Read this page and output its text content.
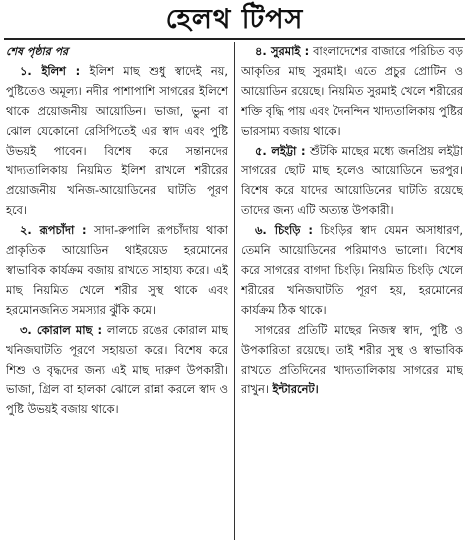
হেলথ টিপস

শেষ পৃষ্ঠার পর

১. ইলিশ : ইলিশ মাছ শুধু স্বাদেই নয়, পুষ্টিতেও অমূল্য। নদীর পাশাপাশি সাগরের ইলিশে থাকে প্রয়োজনীয় আয়োডিন। ভাজা, ভুনা বা ঝোল যেকোনো রেসিপিতেই এর স্বাদ এবং পুষ্টি উভয়ই পাবেন। বিশেষ করে সন্তানদের খাদ্যতালিকায় নিয়মিত ইলিশ রাখলে শরীরের প্রয়োজনীয় খনিজ-আয়োডিনের ঘাটতি পূরণ হবে।

২. রূপচাঁদা : সাদা-রুপালি রূপচাঁদায় থাকা প্রাকৃতিক আয়োডিন থাইরয়েড হরমোনের স্বাভাবিক কার্যক্রম বজায় রাখতে সাহায্য করে। এই মাছ নিয়মিত খেলে শরীর সুস্থ থাকে এবং হরমোনজনিত সমস্যার ঝুঁকি কমে।

৩. কোরাল মাছ : লালচে রঙের কোরাল মাছ খনিজঘাটতি পূরণে সহায়তা করে। বিশেষ করে শিশু ও বৃদ্ধদের জন্য এই মাছ দারুণ উপকারী। ভাজা, গ্রিল বা হালকা ঝোলে রান্না করলে স্বাদ ও পুষ্টি উভয়ই বজায় থাকে।

৪. সুরমাই : বাংলাদেশের বাজারে পরিচিত বড় আকৃতির মাছ সুরমাই। এতে প্রচুর প্রোটিন ও আয়োডিন রয়েছে। নিয়মিত সুরমাই খেলে শরীরের শক্তি বৃদ্ধি পায় এবং দৈনন্দিন খাদ্যতালিকায় পুষ্টির ভারসাম্য বজায় থাকে।

৫. লইট্টা : শুঁটকি মাছের মধ্যে জনপ্রিয় লইট্টা সাগরের ছোট মাছ হলেও আয়োডিনে ভরপুর। বিশেষ করে যাদের আয়োডিনের ঘাটতি রয়েছে তাদের জন্য এটি অত্যন্ত উপকারী।

৬. চিংড়ি : চিংড়ির স্বাদ যেমন অসাধারণ, তেমনি আয়োডিনের পরিমাণও ভালো। বিশেষ করে সাগরের বাগদা চিংড়ি। নিয়মিত চিংড়ি খেলে শরীরের খনিজঘাটতি পূরণ হয়, হরমোনের কার্যক্রম ঠিক থাকে।

সাগরের প্রতিটি মাছের নিজস্ব স্বাদ, পুষ্টি ও উপকারিতা রয়েছে। তাই শরীর সুস্থ ও স্বাভাবিক রাখতে প্রতিদিনের খাদ্যতালিকায় সাগরের মাছ রাখুন। ইন্টারনেট।
